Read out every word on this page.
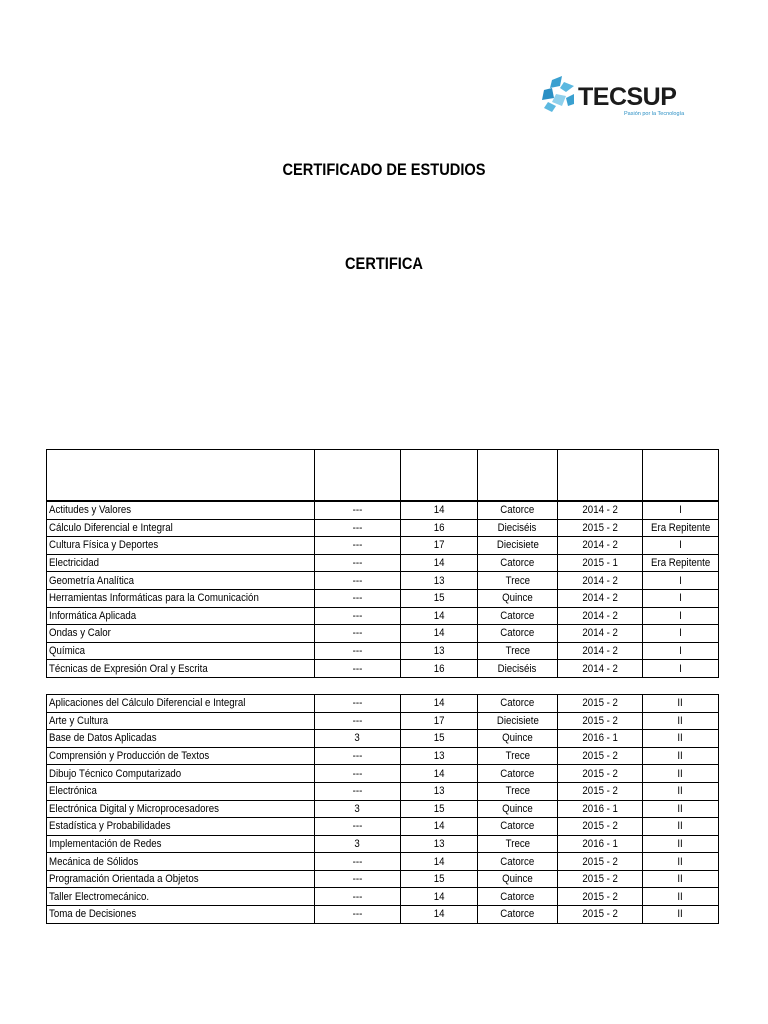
TECSUP
Pasión por la Tecnología
CERTIFICADO DE ESTUDIOS
CERTIFICA

Actitudes y Valores	---	14	Catorce	2014 - 2	I
Cálculo Diferencial e Integral	---	16	Dieciséis	2015 - 2	Era Repitente
Cultura Física y Deportes	---	17	Diecisiete	2014 - 2	I
Electricidad	---	14	Catorce	2015 - 1	Era Repitente
Geometría Analítica	---	13	Trece	2014 - 2	I
Herramientas Informáticas para la Comunicación	---	15	Quince	2014 - 2	I
Informática Aplicada	---	14	Catorce	2014 - 2	I
Ondas y Calor	---	14	Catorce	2014 - 2	I
Química	---	13	Trece	2014 - 2	I
Técnicas de Expresión Oral y Escrita	---	16	Dieciséis	2014 - 2	I
Aplicaciones del Cálculo Diferencial e Integral	---	14	Catorce	2015 - 2	II
Arte y Cultura	---	17	Diecisiete	2015 - 2	II
Base de Datos Aplicadas	3	15	Quince	2016 - 1	II
Comprensión y Producción de Textos	---	13	Trece	2015 - 2	II
Dibujo Técnico Computarizado	---	14	Catorce	2015 - 2	II
Electrónica	---	13	Trece	2015 - 2	II
Electrónica Digital y Microprocesadores	3	15	Quince	2016 - 1	II
Estadística y Probabilidades	---	14	Catorce	2015 - 2	II
Implementación de Redes	3	13	Trece	2016 - 1	II
Mecánica de Sólidos	---	14	Catorce	2015 - 2	II
Programación Orientada a Objetos	---	15	Quince	2015 - 2	II
Taller Electromecánico.	---	14	Catorce	2015 - 2	II
Toma de Decisiones	---	14	Catorce	2015 - 2	II
